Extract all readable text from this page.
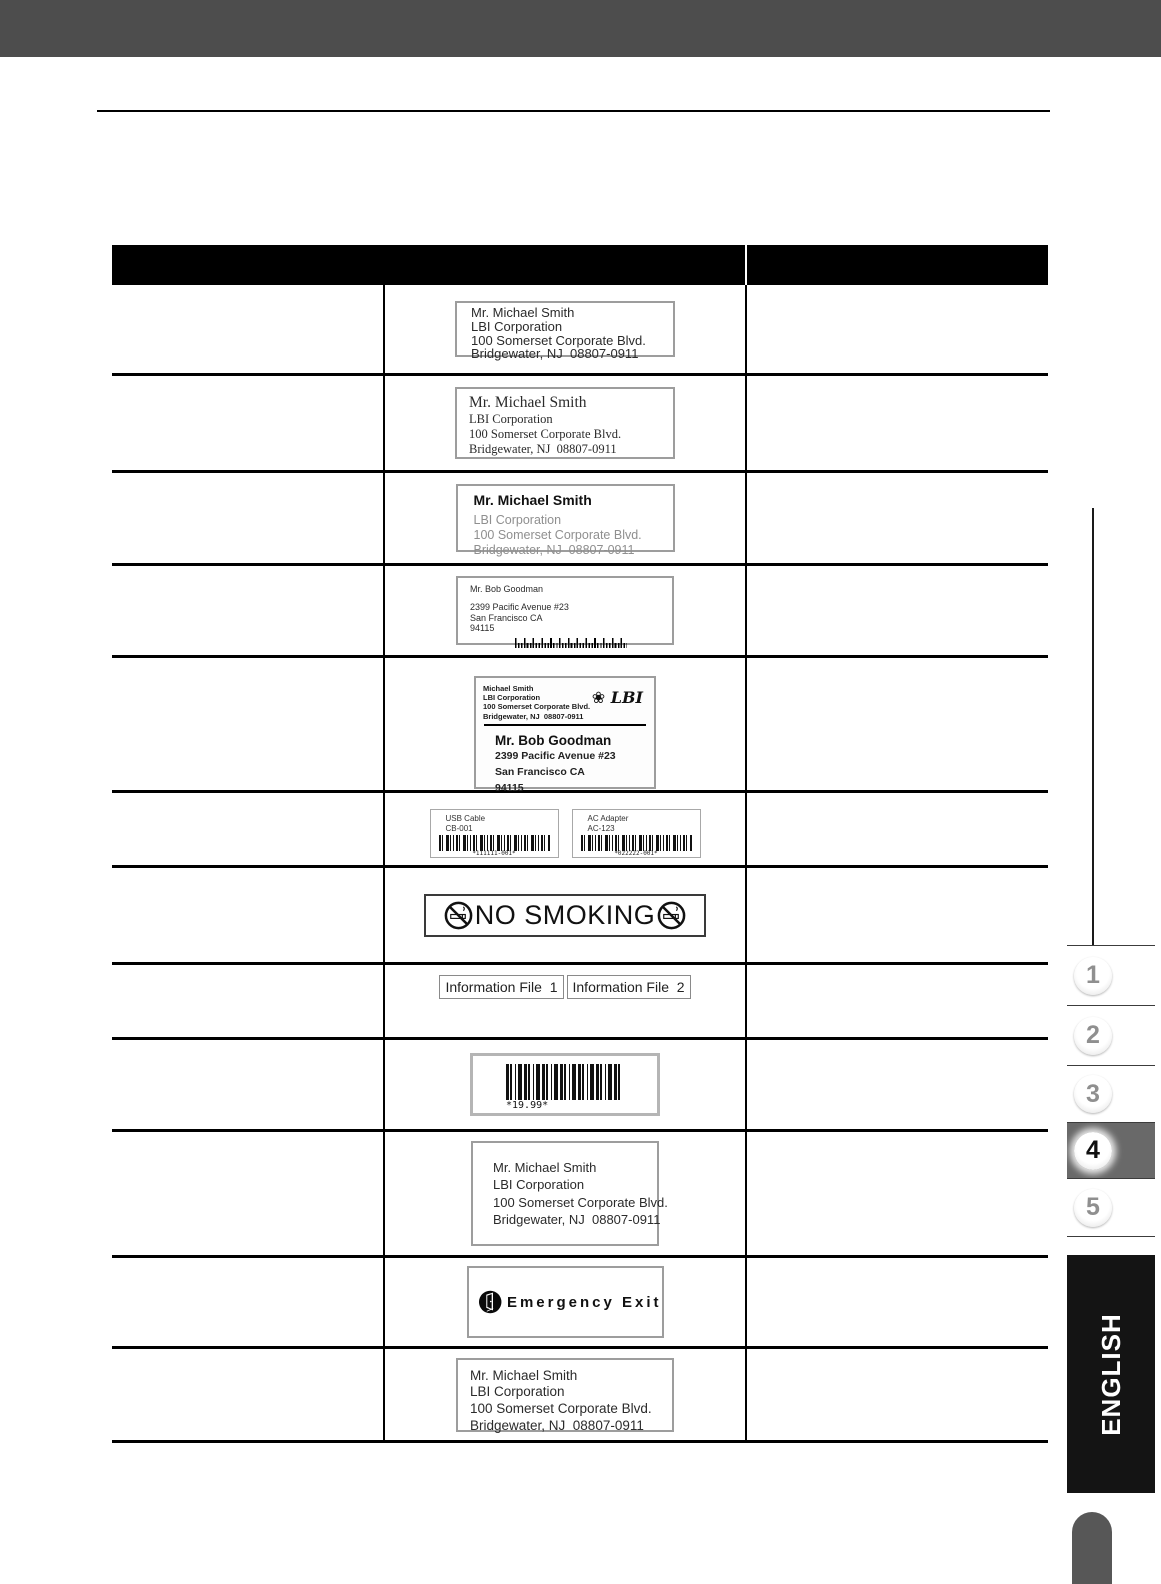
Mr. Michael Smith
LBI Corporation
100 Somerset Corporate Blvd.
Bridgewater, NJ  08807-0911
Mr. Michael Smith
LBI Corporation
100 Somerset Corporate Blvd.
Bridgewater, NJ  08807-0911
Mr. Michael Smith
LBI Corporation
100 Somerset Corporate Blvd.
Bridgewater, NJ  08807-0911
Mr. Bob Goodman
2399 Pacific Avenue #23
San Francisco CA
94115
Michael Smith
LBI Corporation
100 Somerset Corporate Blvd.
Bridgewater, NJ  08807-0911
❀ LBI
Mr. Bob Goodman
2399 Pacific Avenue #23
San Francisco CA
94115
USB Cable
CB-001
*111111-001*
AC Adapter
AC-123
*022222-001*
NO SMOKING
Information File  1	Information File  2
*19.99*
Mr. Michael Smith
LBI Corporation
100 Somerset Corporate Blvd.
Bridgewater, NJ  08807-0911
Emergency Exit
Mr. Michael Smith
LBI Corporation
100 Somerset Corporate Blvd.
Bridgewater, NJ  08807-0911
1
2
3
4
5
ENGLISH
